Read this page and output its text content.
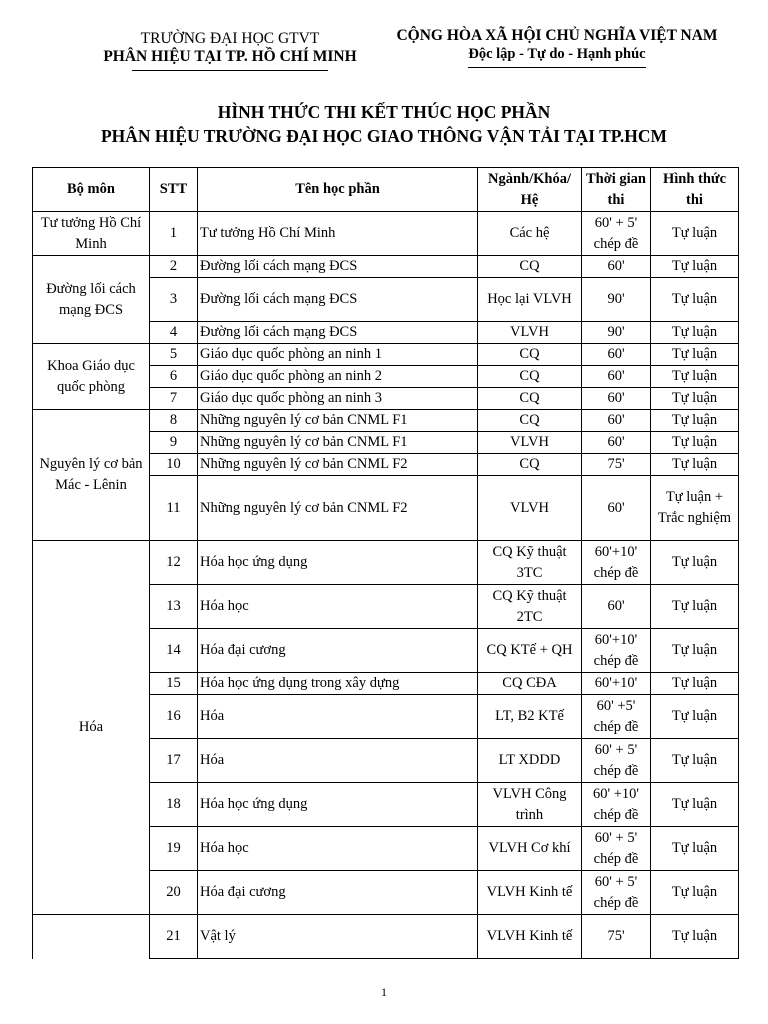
TRƯỜNG ĐẠI HỌC GTVT
PHÂN HIỆU TẠI TP. HỒ CHÍ MINH
CỘNG HÒA XÃ HỘI CHỦ NGHĨA VIỆT NAM
Độc lập - Tự do - Hạnh phúc
HÌNH THỨC THI KẾT THÚC HỌC PHẦN
PHÂN HIỆU TRƯỜNG ĐẠI HỌC GIAO THÔNG VẬN TẢI TẠI TP.HCM
Bộ môn	STT	Tên học phần	Ngành/Khóa/ Hệ	Thời gian thi	Hình thức thi
Tư tưởng Hồ Chí Minh	1	Tư tưởng Hồ Chí Minh	Các hệ	60' + 5' chép đề	Tự luận
Đường lối cách mạng ĐCS	2	Đường lối cách mạng ĐCS	CQ	60'	Tự luận
	3	Đường lối cách mạng ĐCS	Học lại VLVH	90'	Tự luận
	4	Đường lối cách mạng ĐCS	VLVH	90'	Tự luận
Khoa Giáo dục quốc phòng	5	Giáo dục quốc phòng an ninh 1	CQ	60'	Tự luận
	6	Giáo dục quốc phòng an ninh 2	CQ	60'	Tự luận
	7	Giáo dục quốc phòng an ninh 3	CQ	60'	Tự luận
Nguyên lý cơ bản Mác - Lênin	8	Những nguyên lý cơ bản CNML F1	CQ	60'	Tự luận
	9	Những nguyên lý cơ bản CNML F1	VLVH	60'	Tự luận
	10	Những nguyên lý cơ bản CNML F2	CQ	75'	Tự luận
	11	Những nguyên lý cơ bản CNML F2	VLVH	60'	Tự luận + Trắc nghiệm
Hóa	12	Hóa học ứng dụng	CQ Kỹ thuật 3TC	60'+10' chép đề	Tự luận
	13	Hóa học	CQ Kỹ thuật 2TC	60'	Tự luận
	14	Hóa đại cương	CQ KTế + QH	60'+10' chép đề	Tự luận
	15	Hóa học ứng dụng trong xây dựng	CQ CĐA	60'+10'	Tự luận
	16	Hóa	LT, B2 KTế	60' +5' chép đề	Tự luận
	17	Hóa	LT XDDD	60' + 5' chép đề	Tự luận
	18	Hóa học ứng dụng	VLVH Công trình	60' +10' chép đề	Tự luận
	19	Hóa học	VLVH Cơ khí	60' + 5' chép đề	Tự luận
	20	Hóa đại cương	VLVH Kinh tế	60' + 5' chép đề	Tự luận
	21	Vật lý	VLVH Kinh tế	75'	Tự luận
1
